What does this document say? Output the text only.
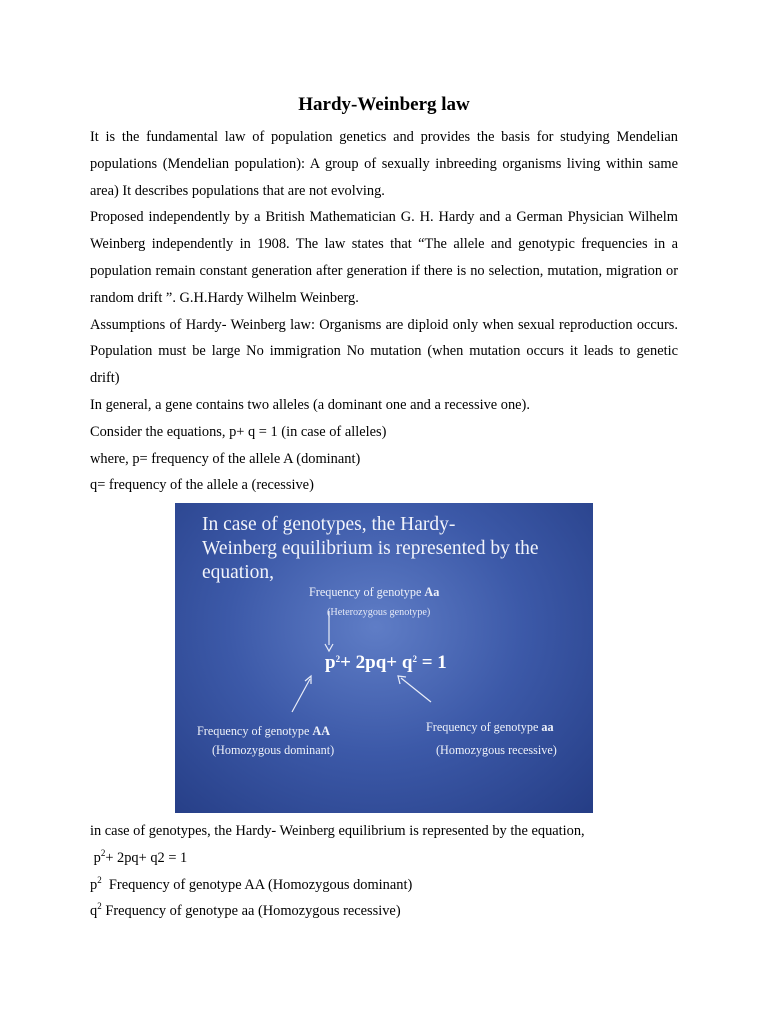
Hardy-Weinberg law

It is the fundamental law of population genetics and provides the basis for studying Mendelian populations (Mendelian population): A group of sexually inbreeding organisms living within same area) It describes populations that are not evolving.

Proposed independently by a British Mathematician G. H. Hardy and a German Physician Wilhelm Weinberg independently in 1908. The law states that “The allele and genotypic frequencies in a population remain constant generation after generation if there is no selection, mutation, migration or random drift ”. G.H.Hardy Wilhelm Weinberg.

Assumptions of Hardy- Weinberg law: Organisms are diploid only when sexual reproduction occurs. Population must be large No immigration No mutation (when mutation occurs it leads to genetic drift)

In general, a gene contains two alleles (a dominant one and a recessive one).

Consider the equations, p+ q = 1 (in case of alleles)

where, p= frequency of the allele A (dominant)

q= frequency of the allele a (recessive)

In case of genotypes, the Hardy-
Weinberg equilibrium is represented by the
equation,
Frequency of genotype Aa
(Heterozygous genotype)
$p^2+ 2pq+ q^2 = 1$
Frequency of genotype AA
(Homozygous dominant)
Frequency of genotype aa
(Homozygous recessive)

in case of genotypes, the Hardy- Weinberg equilibrium is represented by the equation,

$p^2+ 2pq+ q2 = 1$

$p^2$ Frequency of genotype AA (Homozygous dominant)

$q^2$ Frequency of genotype aa (Homozygous recessive)
